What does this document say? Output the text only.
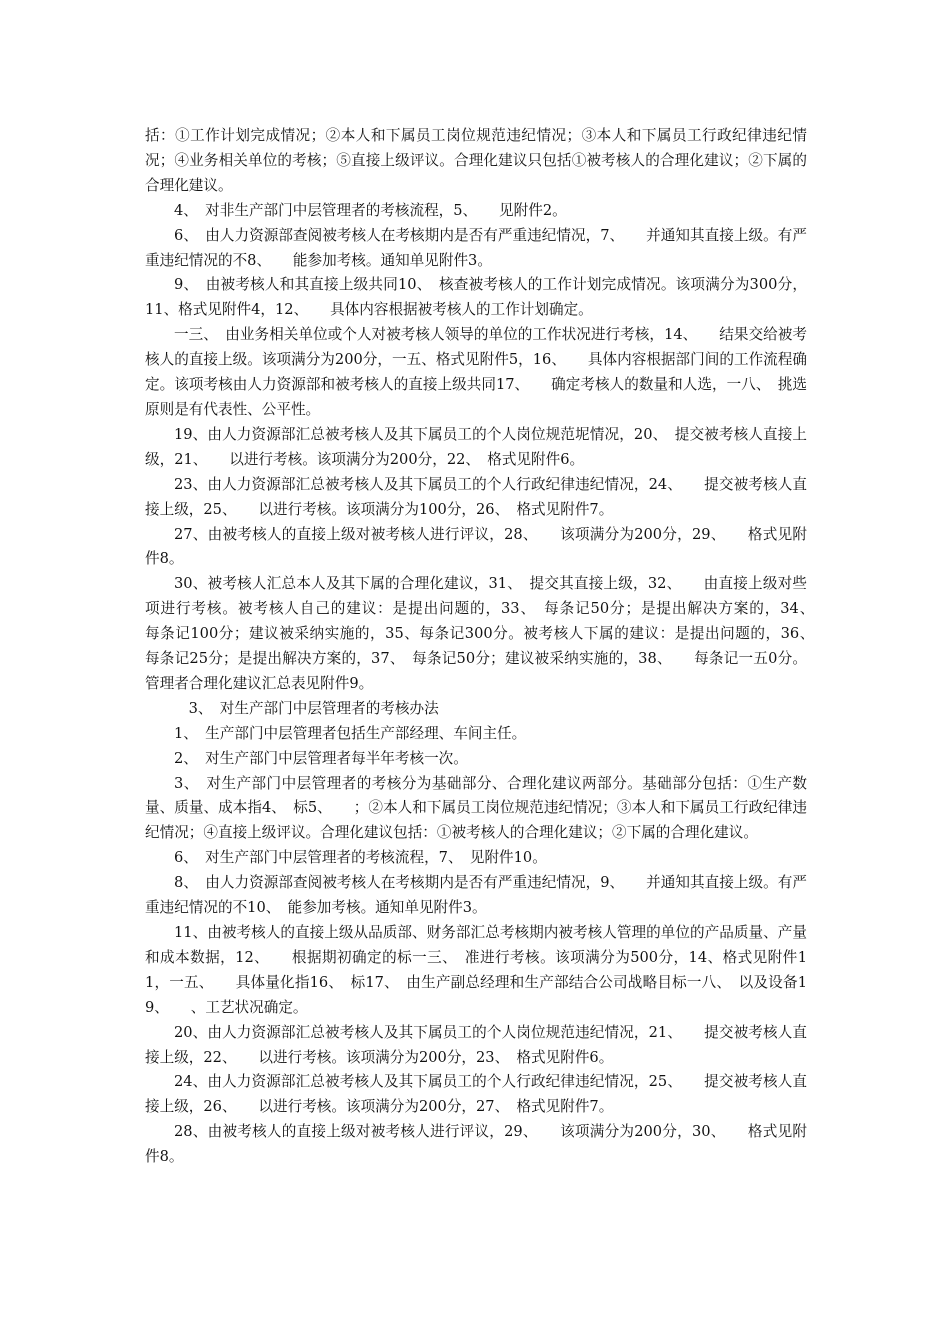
括：①工作计划完成情况；②本人和下属员工岗位规范违纪情况；③本人和下属员工行政纪律违纪情况；④业务相关单位的考核；⑤直接上级评议。合理化建议只包括①被考核人的合理化建议；②下属的合理化建议。

4、　对非生产部门中层管理者的考核流程，5、　　见附件2。

6、　由人力资源部查阅被考核人在考核期内是否有严重违纪情况，7、　　并通知其直接上级。有严重违纪情况的不8、　　能参加考核。通知单见附件3。

9、　由被考核人和其直接上级共同10、　核查被考核人的工作计划完成情况。该项满分为300分，11、格式见附件4，12、　　具体内容根据被考核人的工作计划确定。

一三、　由业务相关单位或个人对被考核人领导的单位的工作状况进行考核，14、　　结果交给被考核人的直接上级。该项满分为200分，一五、格式见附件5，16、　　具体内容根据部门间的工作流程确定。该项考核由人力资源部和被考核人的直接上级共同17、　　确定考核人的数量和人选，一八、　挑选原则是有代表性、公平性。

19、由人力资源部汇总被考核人及其下属员工的个人岗位规范坭情况，20、　提交被考核人直接上级，21、　　以进行考核。该项满分为200分，22、　格式见附件6。

23、由人力资源部汇总被考核人及其下属员工的个人行政纪律违纪情况，24、　　提交被考核人直接上级，25、　　以进行考核。该项满分为100分，26、　格式见附件7。

27、由被考核人的直接上级对被考核人进行评议，28、　　该项满分为200分，29、　　格式见附件8。

30、被考核人汇总本人及其下属的合理化建议，31、　提交其直接上级，32、　　由直接上级对些项进行考核。被考核人自己的建议：是提出问题的，33、　每条记50分；是提出解决方案的，34、　　每条记100分；建议被采纳实施的，35、每条记300分。被考核人下属的建议：是提出问题的，36、　每条记25分；是提出解决方案的，37、　每条记50分；建议被采纳实施的，38、　　每条记一五0分。管理者合理化建议汇总表见附件9。

　3、　对生产部门中层管理者的考核办法

1、　生产部门中层管理者包括生产部经理、车间主任。

2、　对生产部门中层管理者每半年考核一次。

3、　对生产部门中层管理者的考核分为基础部分、合理化建议两部分。基础部分包括：①生产数量、质量、成本指4、　标5、　　；②本人和下属员工岗位规范违纪情况；③本人和下属员工行政纪律违纪情况；④直接上级评议。合理化建议包括：①被考核人的合理化建议；②下属的合理化建议。

6、　对生产部门中层管理者的考核流程，7、　见附件10。

8、　由人力资源部查阅被考核人在考核期内是否有严重违纪情况，9、　　并通知其直接上级。有严重违纪情况的不10、　能参加考核。通知单见附件3。

11、由被考核人的直接上级从品质部、财务部汇总考核期内被考核人管理的单位的产品质量、产量和成本数据，12、　　根据期初确定的标一三、　准进行考核。该项满分为500分，14、格式见附件11，一五、　　具体量化指16、　标17、　由生产副总经理和生产部结合公司战略目标一八、　以及设备19、　　、工艺状况确定。

20、由人力资源部汇总被考核人及其下属员工的个人岗位规范违纪情况，21、　　提交被考核人直接上级，22、　　以进行考核。该项满分为200分，23、　格式见附件6。

24、由人力资源部汇总被考核人及其下属员工的个人行政纪律违纪情况，25、　　提交被考核人直接上级，26、　　以进行考核。该项满分为200分，27、　格式见附件7。

28、由被考核人的直接上级对被考核人进行评议，29、　　该项满分为200分，30、　　格式见附件8。
